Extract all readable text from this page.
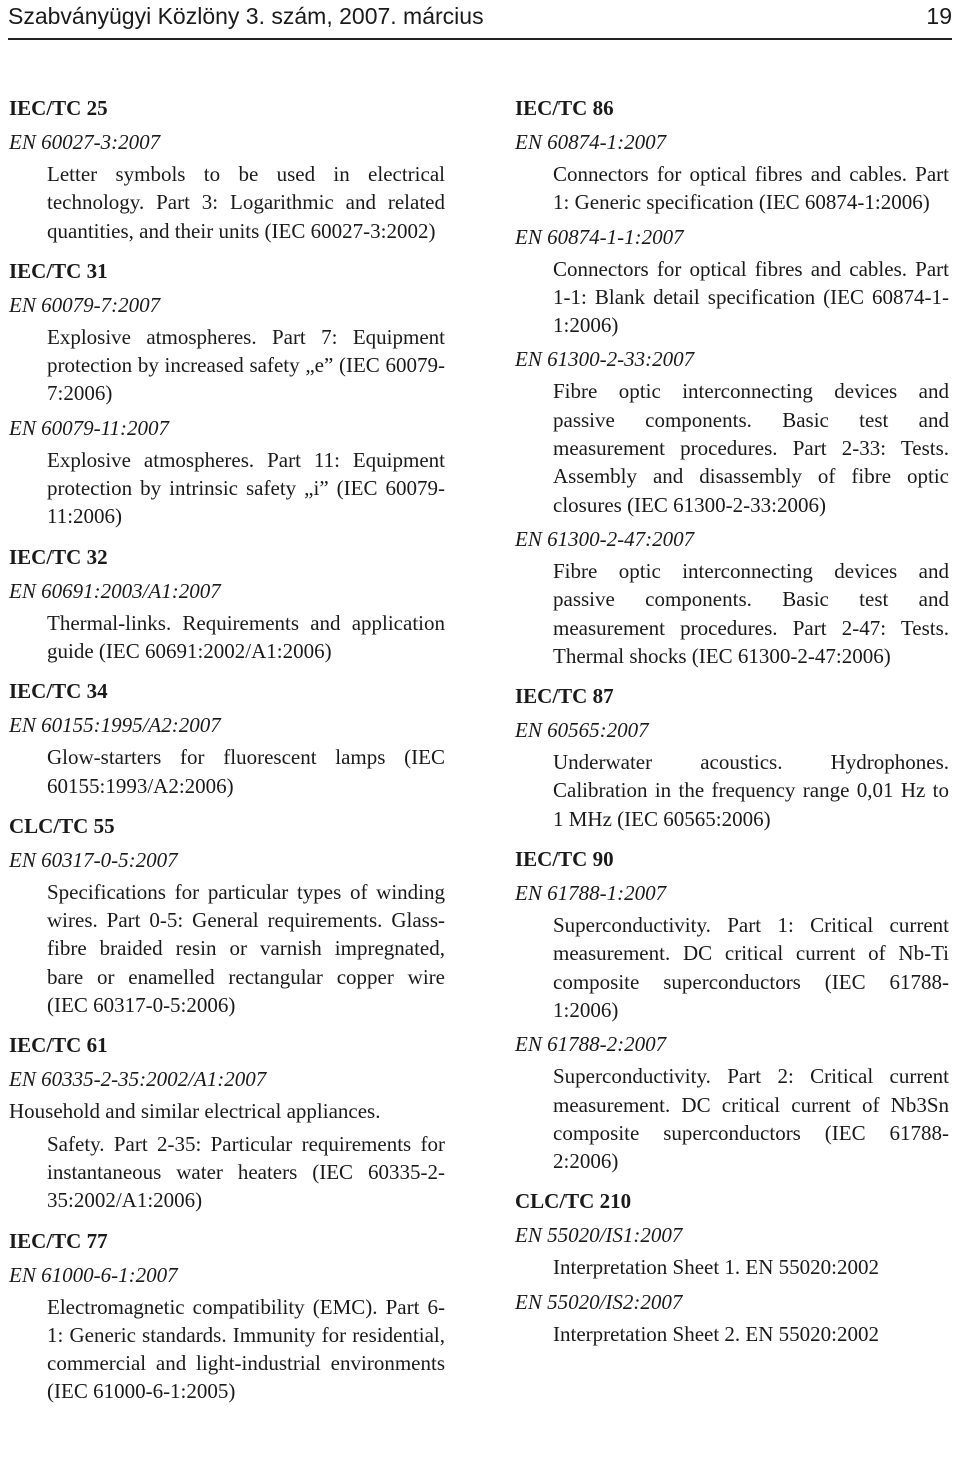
Szabványügyi Közlöny 3. szám, 2007. március	19
IEC/TC 25
EN 60027-3:2007
Letter symbols to be used in electrical technology. Part 3: Logarithmic and related quantities, and their units (IEC 60027-3:2002)
IEC/TC 31
EN 60079-7:2007
Explosive atmospheres. Part 7: Equipment protection by increased safety „e” (IEC 60079-7:2006)
EN 60079-11:2007
Explosive atmospheres. Part 11: Equipment protection by intrinsic safety „i” (IEC 60079-11:2006)
IEC/TC 32
EN 60691:2003/A1:2007
Thermal-links. Requirements and application guide (IEC 60691:2002/A1:2006)
IEC/TC 34
EN 60155:1995/A2:2007
Glow-starters for fluorescent lamps (IEC 60155:1993/A2:2006)
CLC/TC 55
EN 60317-0-5:2007
Specifications for particular types of winding wires. Part 0-5: General requirements. Glass-fibre braided resin or varnish impregnated, bare or enamelled rectangular copper wire (IEC 60317-0-5:2006)
IEC/TC 61
EN 60335-2-35:2002/A1:2007
Household and similar electrical appliances.
Safety. Part 2-35: Particular requirements for instantaneous water heaters (IEC 60335-2-35:2002/A1:2006)
IEC/TC 77
EN 61000-6-1:2007
Electromagnetic compatibility (EMC). Part 6-1: Generic standards. Immunity for residential, commercial and light-industrial environments (IEC 61000-6-1:2005)
IEC/TC 86
EN 60874-1:2007
Connectors for optical fibres and cables. Part 1: Generic specification (IEC 60874-1:2006)
EN 60874-1-1:2007
Connectors for optical fibres and cables. Part 1-1: Blank detail specification (IEC 60874-1-1:2006)
EN 61300-2-33:2007
Fibre optic interconnecting devices and passive components. Basic test and measurement procedures. Part 2-33: Tests. Assembly and disassembly of fibre optic closures (IEC 61300-2-33:2006)
EN 61300-2-47:2007
Fibre optic interconnecting devices and passive components. Basic test and measurement procedures. Part 2-47: Tests. Thermal shocks (IEC 61300-2-47:2006)
IEC/TC 87
EN 60565:2007
Underwater acoustics. Hydrophones. Calibration in the frequency range 0,01 Hz to 1 MHz (IEC 60565:2006)
IEC/TC 90
EN 61788-1:2007
Superconductivity. Part 1: Critical current measurement. DC critical current of Nb-Ti composite superconductors (IEC 61788-1:2006)
EN 61788-2:2007
Superconductivity. Part 2: Critical current measurement. DC critical current of Nb3Sn composite superconductors (IEC 61788-2:2006)
CLC/TC 210
EN 55020/IS1:2007
Interpretation Sheet 1. EN 55020:2002
EN 55020/IS2:2007
Interpretation Sheet 2. EN 55020:2002
